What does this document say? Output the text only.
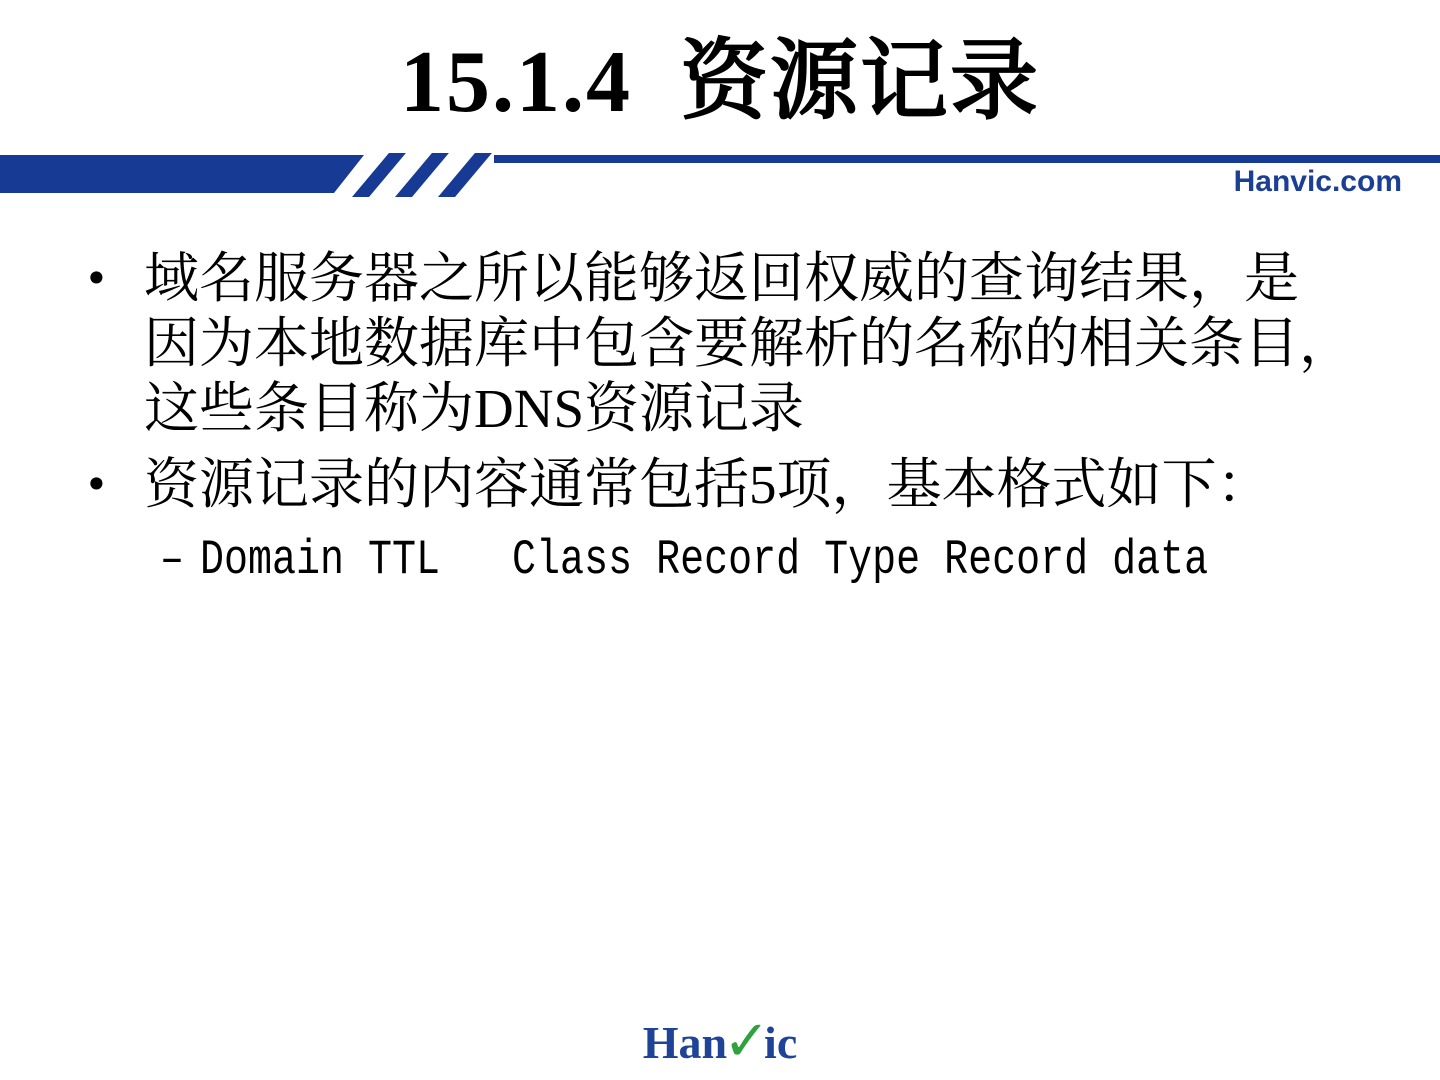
15.1.4  资源记录
Hanvic.com
• 域名服务器之所以能够返回权威的查询结果，是
因为本地数据库中包含要解析的名称的相关条目，
这些条目称为DNS资源记录
• 资源记录的内容通常包括5项，基本格式如下：
– Domain TTL   Class Record Type Record data
Han✓ic
